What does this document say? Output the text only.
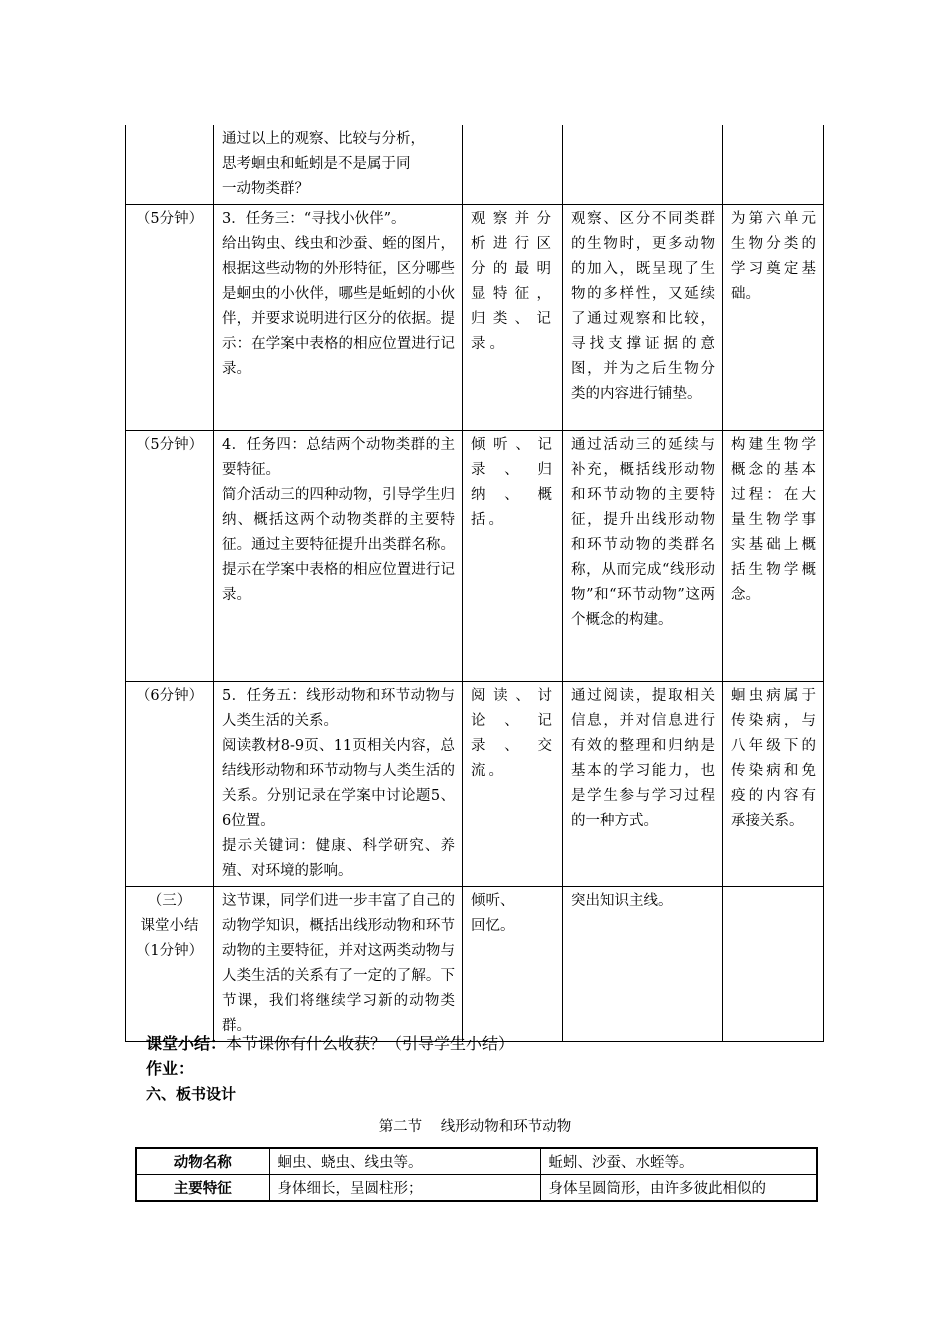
	通过以上的观察、比较与分析，
思考蛔虫和蚯蚓是不是属于同
一动物类群？			
（5分钟）	3．任务三：“寻找小伙伴”。
给出钩虫、线虫和沙蚕、蛭的图片，根据这些动物的外形特征，区分哪些是蛔虫的小伙伴，哪些是蚯蚓的小伙伴，并要求说明进行区分的依据。提示：在学案中表格的相应位置进行记录。	观察并分析进行区分的最明显特征，归类、记录。	观察、区分不同类群的生物时，更多动物的加入，既呈现了生物的多样性，又延续了通过观察和比较，寻找支撑证据的意图，并为之后生物分类的内容进行铺垫。	为第六单元生物分类的学习奠定基础。
（5分钟）	4．任务四：总结两个动物类群的主要特征。
简介活动三的四种动物，引导学生归纳、概括这两个动物类群的主要特征。通过主要特征提升出类群名称。提示在学案中表格的相应位置进行记录。	倾听、记录、归纳、概括。	通过活动三的延续与补充，概括线形动物和环节动物的主要特征，提升出线形动物和环节动物的类群名称，从而完成“线形动物”和“环节动物”这两个概念的构建。	构建生物学概念的基本过程：在大量生物学事实基础上概括生物学概念。
（6分钟）	5．任务五：线形动物和环节动物与人类生活的关系。
阅读教材8-9页、11页相关内容，总结线形动物和环节动物与人类生活的关系。分别记录在学案中讨论题5、6位置。
提示关键词：健康、科学研究、养殖、对环境的影响。	阅读、讨论、记录、交流。	通过阅读，提取相关信息，并对信息进行有效的整理和归纳是基本的学习能力，也是学生参与学习过程的一种方式。	蛔虫病属于传染病，与八年级下的传染病和免疫的内容有承接关系。
（三）
课堂小结
（1分钟）	这节课，同学们进一步丰富了自己的动物学知识，概括出线形动物和环节动物的主要特征，并对这两类动物与人类生活的关系有了一定的了解。下节课，我们将继续学习新的动物类群。	倾听、
回忆。	突出知识主线。	
课堂小结：本节课你有什么收获？（引导学生小结）
作业：
六、板书设计
第二节 线形动物和环节动物
动物名称	蛔虫、蛲虫、线虫等。	蚯蚓、沙蚕、水蛭等。
主要特征	身体细长，呈圆柱形；	身体呈圆筒形，由许多彼此相似的
